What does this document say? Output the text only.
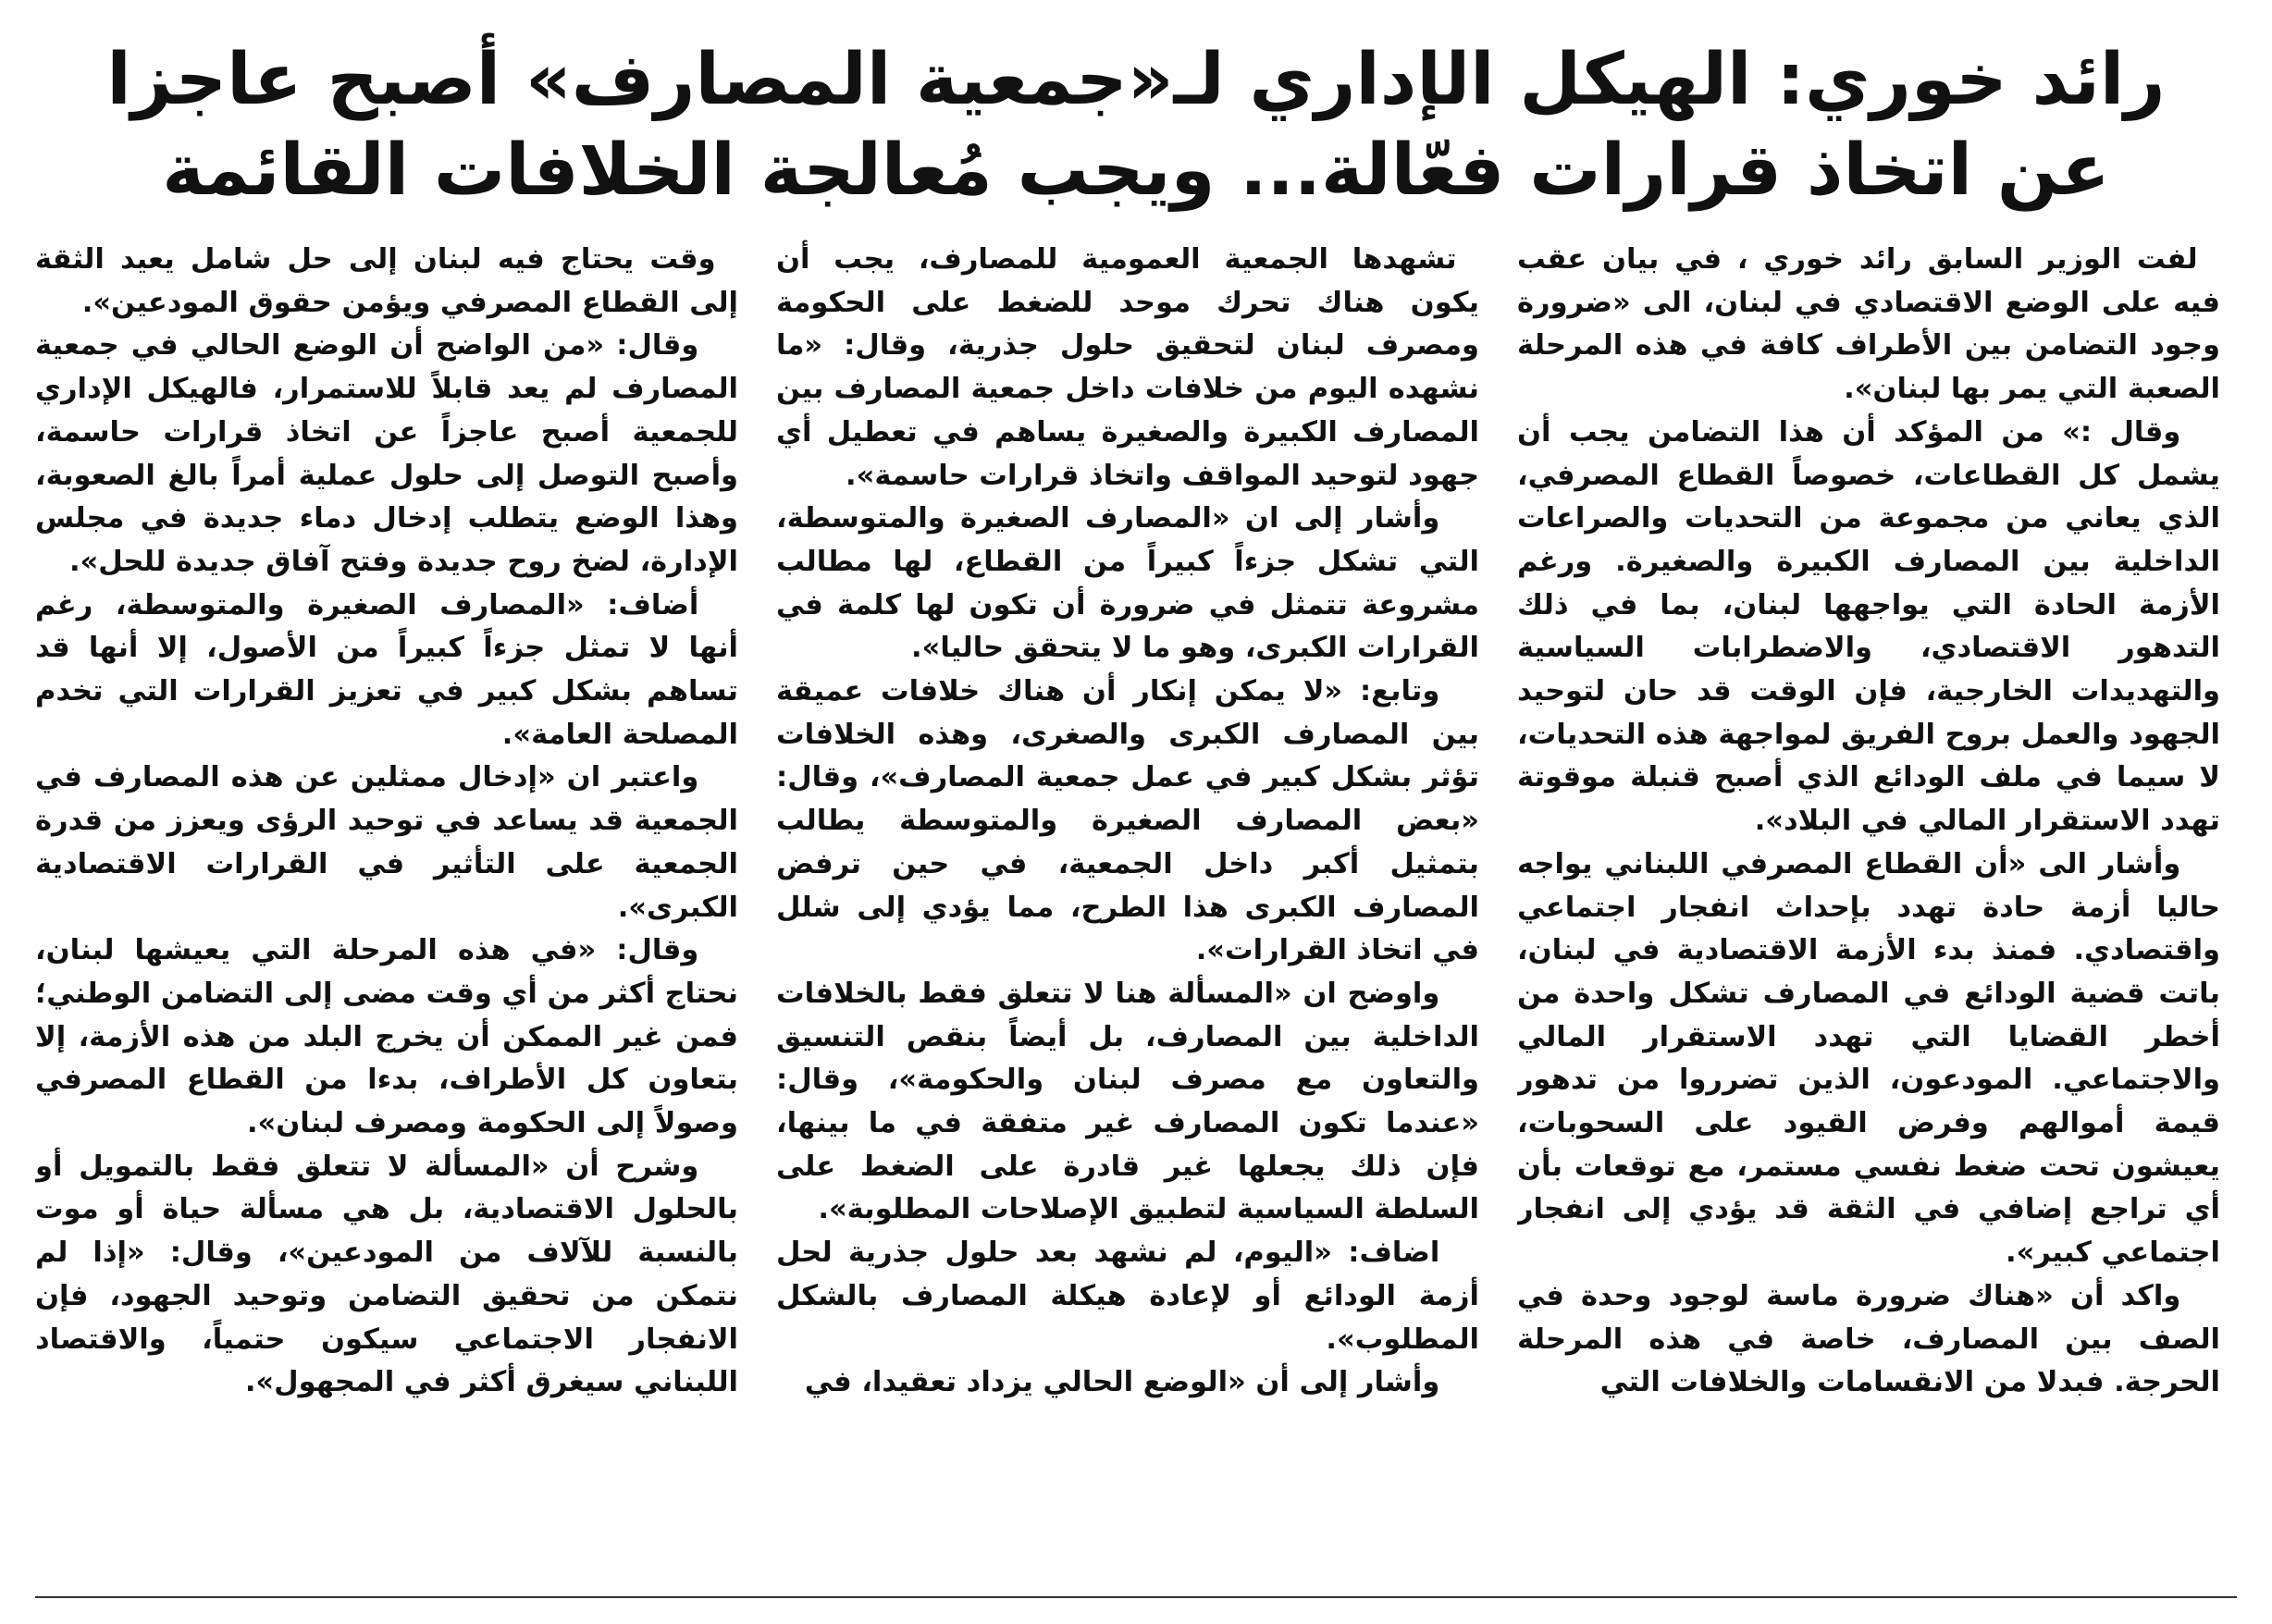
رائد خوري: الهيكل الإداري لـ«جمعية المصارف» أصبح عاجزا
عن اتخاذ قرارات فعّالة... ويجب مُعالجة الخلافات القائمة

لفت الوزير السابق رائد خوري ، في بيان عقب فيه على الوضع الاقتصادي في لبنان، الى «ضرورة وجود التضامن بين الأطراف كافة في هذه المرحلة الصعبة التي يمر بها لبنان».

وقال :» من المؤكد أن هذا التضامن يجب أن يشمل كل القطاعات، خصوصاً القطاع المصرفي، الذي يعاني من مجموعة من التحديات والصراعات الداخلية بين المصارف الكبيرة والصغيرة. ورغم الأزمة الحادة التي يواجهها لبنان، بما في ذلك التدهور الاقتصادي، والاضطرابات السياسية والتهديدات الخارجية، فإن الوقت قد حان لتوحيد الجهود والعمل بروح الفريق لمواجهة هذه التحديات، لا سيما في ملف الودائع الذي أصبح قنبلة موقوتة تهدد الاستقرار المالي في البلاد».

وأشار الى «أن القطاع المصرفي اللبناني يواجه حاليا أزمة حادة تهدد بإحداث انفجار اجتماعي واقتصادي. فمنذ بدء الأزمة الاقتصادية في لبنان، باتت قضية الودائع في المصارف تشكل واحدة من أخطر القضايا التي تهدد الاستقرار المالي والاجتماعي. المودعون، الذين تضرروا من تدهور قيمة أموالهم وفرض القيود على السحوبات، يعيشون تحت ضغط نفسي مستمر، مع توقعات بأن أي تراجع إضافي في الثقة قد يؤدي إلى انفجار اجتماعي كبير».

واكد أن «هناك ضرورة ماسة لوجود وحدة في الصف بين المصارف، خاصة في هذه المرحلة الحرجة. فبدلا من الانقسامات والخلافات التي

تشهدها الجمعية العمومية للمصارف، يجب أن يكون هناك تحرك موحد للضغط على الحكومة ومصرف لبنان لتحقيق حلول جذرية، وقال: «ما نشهده اليوم من خلافات داخل جمعية المصارف بين المصارف الكبيرة والصغيرة يساهم في تعطيل أي جهود لتوحيد المواقف واتخاذ قرارات حاسمة».

وأشار إلى ان «المصارف الصغيرة والمتوسطة، التي تشكل جزءاً كبيراً من القطاع، لها مطالب مشروعة تتمثل في ضرورة أن تكون لها كلمة في القرارات الكبرى، وهو ما لا يتحقق حاليا».

وتابع: «لا يمكن إنكار أن هناك خلافات عميقة بين المصارف الكبرى والصغرى، وهذه الخلافات تؤثر بشكل كبير في عمل جمعية المصارف»، وقال: «بعض المصارف الصغيرة والمتوسطة يطالب بتمثيل أكبر داخل الجمعية، في حين ترفض المصارف الكبرى هذا الطرح، مما يؤدي إلى شلل في اتخاذ القرارات».

واوضح ان «المسألة هنا لا تتعلق فقط بالخلافات الداخلية بين المصارف، بل أيضاً بنقص التنسيق والتعاون مع مصرف لبنان والحكومة»، وقال: «عندما تكون المصارف غير متفقة في ما بينها، فإن ذلك يجعلها غير قادرة على الضغط على السلطة السياسية لتطبيق الإصلاحات المطلوبة».

اضاف: «اليوم، لم نشهد بعد حلول جذرية لحل أزمة الودائع أو لإعادة هيكلة المصارف بالشكل المطلوب».

وأشار إلى أن «الوضع الحالي يزداد تعقيدا، في

وقت يحتاج فيه لبنان إلى حل شامل يعيد الثقة إلى القطاع المصرفي ويؤمن حقوق المودعين».

وقال: «من الواضح أن الوضع الحالي في جمعية المصارف لم يعد قابلاً للاستمرار، فالهيكل الإداري للجمعية أصبح عاجزاً عن اتخاذ قرارات حاسمة، وأصبح التوصل إلى حلول عملية أمراً بالغ الصعوبة، وهذا الوضع يتطلب إدخال دماء جديدة في مجلس الإدارة، لضخ روح جديدة وفتح آفاق جديدة للحل».

أضاف: «المصارف الصغيرة والمتوسطة، رغم أنها لا تمثل جزءاً كبيراً من الأصول، إلا أنها قد تساهم بشكل كبير في تعزيز القرارات التي تخدم المصلحة العامة».

واعتبر ان «إدخال ممثلين عن هذه المصارف في الجمعية قد يساعد في توحيد الرؤى ويعزز من قدرة الجمعية على التأثير في القرارات الاقتصادية الكبرى».

وقال: «في هذه المرحلة التي يعيشها لبنان، نحتاج أكثر من أي وقت مضى إلى التضامن الوطني؛ فمن غير الممكن أن يخرج البلد من هذه الأزمة، إلا بتعاون كل الأطراف، بدءا من القطاع المصرفي وصولاً إلى الحكومة ومصرف لبنان».

وشرح أن «المسألة لا تتعلق فقط بالتمويل أو بالحلول الاقتصادية، بل هي مسألة حياة أو موت بالنسبة للآلاف من المودعين»، وقال: «إذا لم نتمكن من تحقيق التضامن وتوحيد الجهود، فإن الانفجار الاجتماعي سيكون حتمياً، والاقتصاد اللبناني سيغرق أكثر في المجهول».
